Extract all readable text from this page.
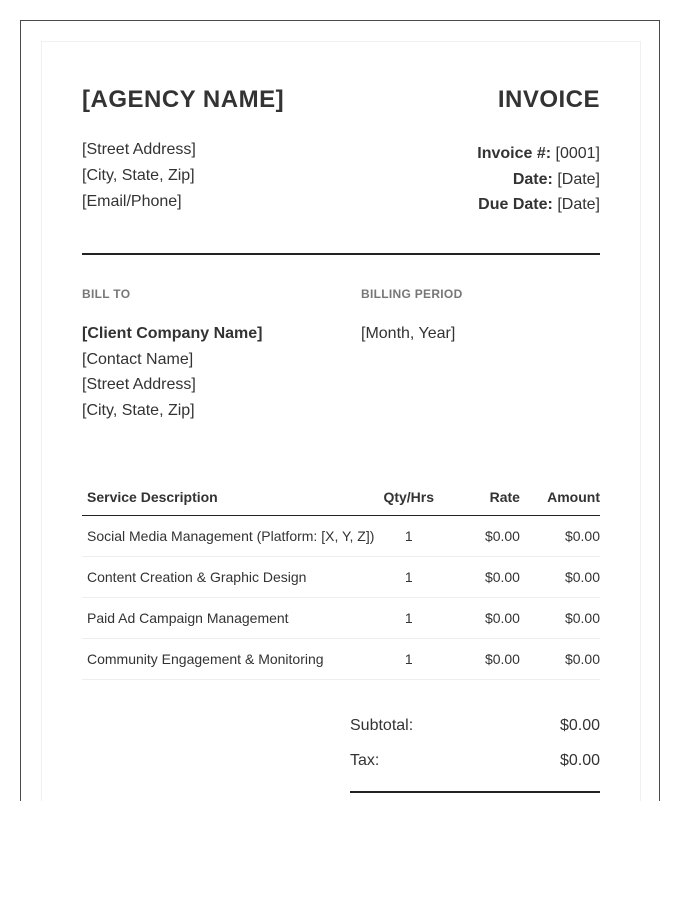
[AGENCY NAME]	INVOICE
[Street Address]
[City, State, Zip]
[Email/Phone]
Invoice #: [0001]
Date: [Date]
Due Date: [Date]
BILL TO	BILLING PERIOD
[Client Company Name]
[Contact Name]
[Street Address]
[City, State, Zip]
[Month, Year]
Service Description	Qty/Hrs	Rate	Amount
Social Media Management (Platform: [X, Y, Z])	1	$0.00	$0.00
Content Creation & Graphic Design	1	$0.00	$0.00
Paid Ad Campaign Management	1	$0.00	$0.00
Community Engagement & Monitoring	1	$0.00	$0.00
Subtotal:	$0.00
Tax:	$0.00
